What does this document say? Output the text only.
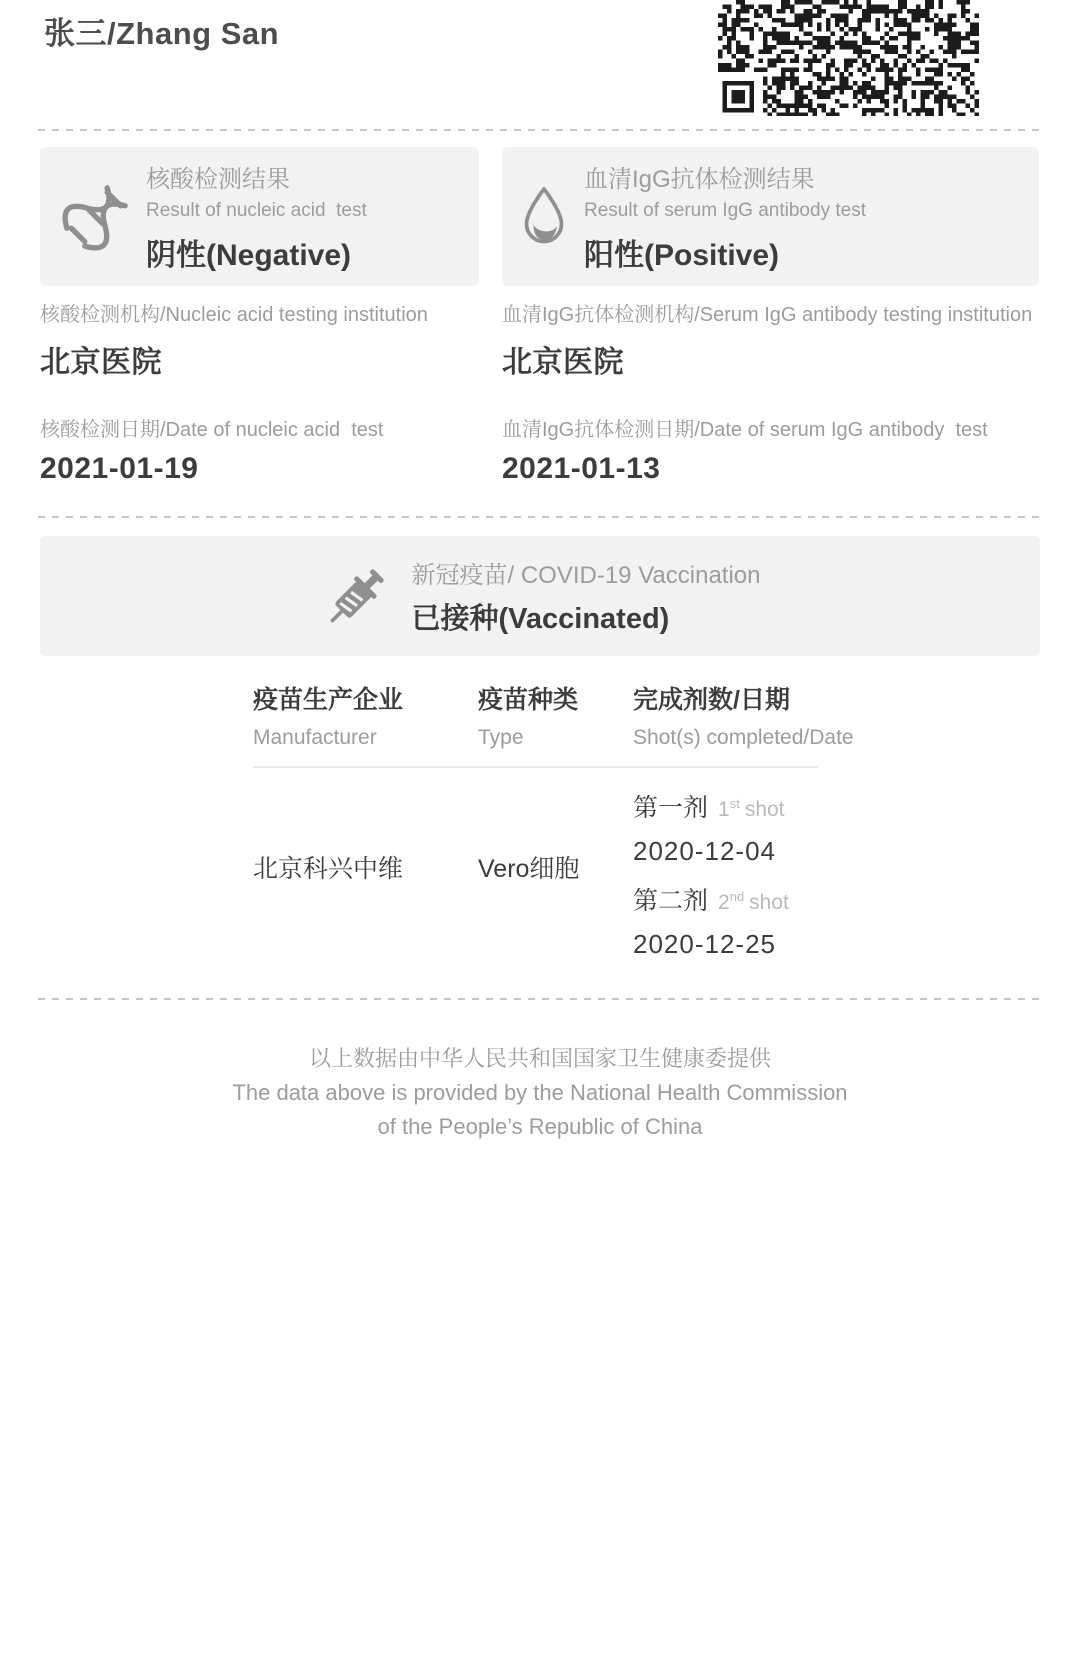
张三/Zhang San
核酸检测结果
Result of nucleic acid  test
阴性(Negative)
血清IgG抗体检测结果
Result of serum IgG antibody test
阳性(Positive)
核酸检测机构/Nucleic acid testing institution
北京医院
核酸检测日期/Date of nucleic acid  test
2021-01-19
血清IgG抗体检测机构/Serum IgG antibody testing institution
北京医院
血清IgG抗体检测日期/Date of serum IgG antibody  test
2021-01-13
新冠疫苗/ COVID-19 Vaccination
已接种(Vaccinated)
疫苗生产企业
Manufacturer
疫苗种类
Type
完成剂数/日期
Shot(s) completed/Date
北京科兴中维	Vero细胞
第一剂 1st shot
2020-12-04
第二剂 2nd shot
2020-12-25
以上数据由中华人民共和国国家卫生健康委提供
The data above is provided by the National Health Commission
of the People’s Republic of China
